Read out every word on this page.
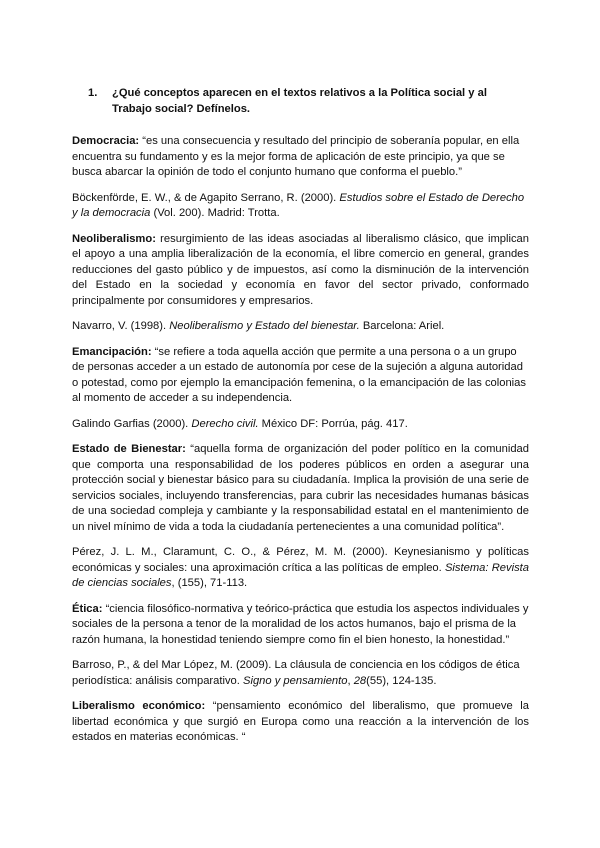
1.	¿Qué conceptos aparecen en el textos relativos a la Política social y al Trabajo social? Defínelos.

Democracia: “es una consecuencia y resultado del principio de soberanía popular, en ella encuentra su fundamento y es la mejor forma de aplicación de este principio, ya que se busca abarcar la opinión de todo el conjunto humano que conforma el pueblo.”

Böckenförde, E. W., & de Agapito Serrano, R. (2000). Estudios sobre el Estado de Derecho y la democracia (Vol. 200). Madrid: Trotta.

Neoliberalismo: resurgimiento de las ideas asociadas al liberalismo clásico, que implican el apoyo a una amplia liberalización de la economía, el libre comercio en general, grandes reducciones del gasto público y de impuestos, así como la disminución de la intervención del Estado en la sociedad y economía en favor del sector privado, conformado principalmente por consumidores y empresarios.

Navarro, V. (1998). Neoliberalismo y Estado del bienestar. Barcelona: Ariel.

Emancipación: “se refiere a toda aquella acción que permite a una persona o a un grupo de personas acceder a un estado de autonomía por cese de la sujeción a alguna autoridad o potestad, como por ejemplo la emancipación femenina, o la emancipación de las colonias al momento de acceder a su independencia.

Galindo Garfias (2000). Derecho civil. México DF: Porrúa, pág. 417.

Estado de Bienestar: “aquella forma de organización del poder político en la comunidad que comporta una responsabilidad de los poderes públicos en orden a asegurar una protección social y bienestar básico para su ciudadanía. Implica la provisión de una serie de servicios sociales, incluyendo transferencias, para cubrir las necesidades humanas básicas de una sociedad compleja y cambiante y la responsabilidad estatal en el mantenimiento de un nivel mínimo de vida a toda la ciudadanía pertenecientes a una comunidad política”.

Pérez, J. L. M., Claramunt, C. O., & Pérez, M. M. (2000). Keynesianismo y políticas económicas y sociales: una aproximación crítica a las políticas de empleo. Sistema: Revista de ciencias sociales, (155), 71-113.

Ética: “ciencia filosófico-normativa y teórico-práctica que estudia los aspectos individuales y sociales de la persona a tenor de la moralidad de los actos humanos, bajo el prisma de la razón humana, la honestidad teniendo siempre como fin el bien honesto, la honestidad.”

Barroso, P., & del Mar López, M. (2009). La cláusula de conciencia en los códigos de ética periodística: análisis comparativo. Signo y pensamiento, 28(55), 124-135.

Liberalismo económico: “pensamiento económico del liberalismo, que promueve la libertad económica y que surgió en Europa como una reacción a la intervención de los estados en materias económicas. “
